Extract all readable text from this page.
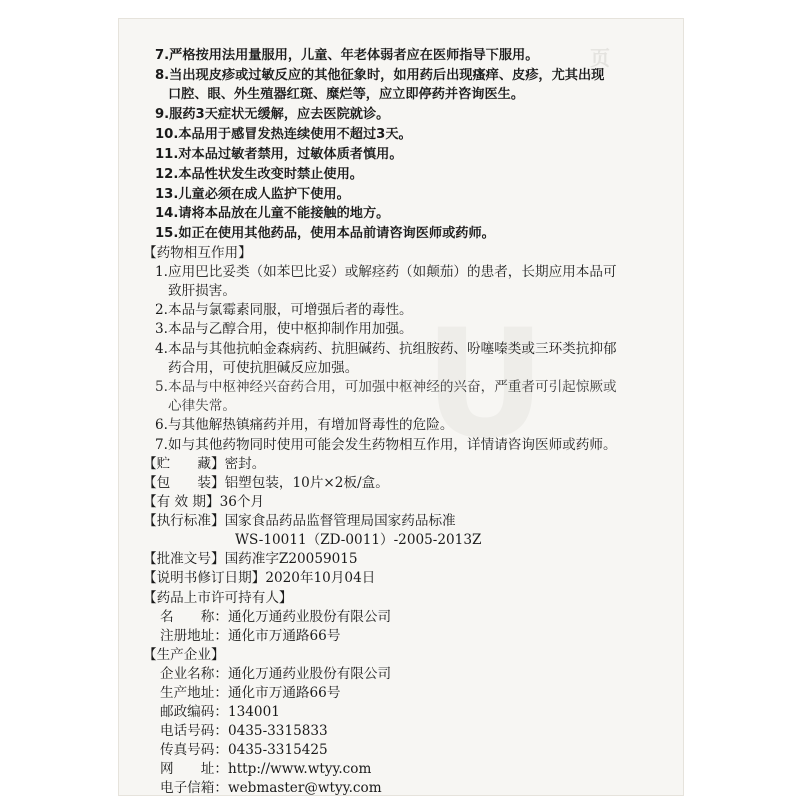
U
页
7.严格按用法用量服用，儿童、年老体弱者应在医师指导下服用。
8.当出现皮疹或过敏反应的其他征象时，如用药后出现瘙痒、皮疹，尤其出现
口腔、眼、外生殖器红斑、糜烂等，应立即停药并咨询医生。
9.服药3天症状无缓解，应去医院就诊。
10.本品用于感冒发热连续使用不超过3天。
11.对本品过敏者禁用，过敏体质者慎用。
12.本品性状发生改变时禁止使用。
13.儿童必须在成人监护下使用。
14.请将本品放在儿童不能接触的地方。
15.如正在使用其他药品，使用本品前请咨询医师或药师。
【药物相互作用】
1.应用巴比妥类（如苯巴比妥）或解痉药（如颠茄）的患者，长期应用本品可
致肝损害。
2.本品与氯霉素同服，可增强后者的毒性。
3.本品与乙醇合用，使中枢抑制作用加强。
4.本品与其他抗帕金森病药、抗胆碱药、抗组胺药、吩噻嗪类或三环类抗抑郁
药合用，可使抗胆碱反应加强。
5.本品与中枢神经兴奋药合用，可加强中枢神经的兴奋，严重者可引起惊厥或
心律失常。
6.与其他解热镇痛药并用，有增加肾毒性的危险。
7.如与其他药物同时使用可能会发生药物相互作用，详情请咨询医师或药师。
【贮　　藏】密封。
【包　　装】铝塑包装，10片×2板/盒。
【有 效 期】36个月
【执行标准】国家食品药品监督管理局国家药品标准
WS-10011（ZD-0011）-2005-2013Z
【批准文号】国药准字Z20059015
【说明书修订日期】2020年10月04日
【药品上市许可持有人】
名　　称：通化万通药业股份有限公司
注册地址：通化市万通路66号
【生产企业】
企业名称：通化万通药业股份有限公司
生产地址：通化市万通路66号
邮政编码：134001
电话号码：0435-3315833
传真号码：0435-3315425
网　　址：http://www.wtyy.com
电子信箱：webmaster@wtyy.com
